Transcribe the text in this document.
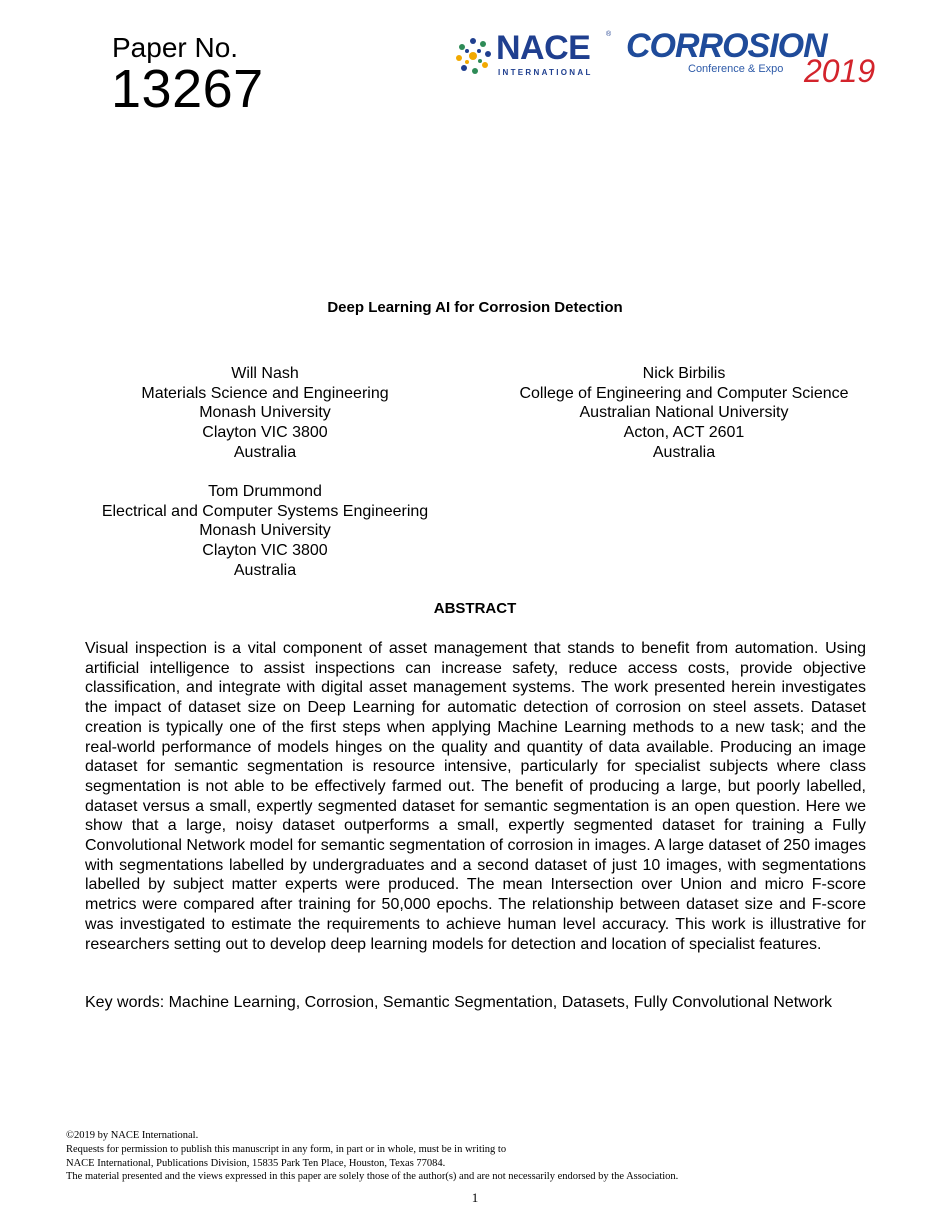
Paper No.
13267
NACE ®
INTERNATIONAL
CORROSION
Conference & Expo 2019
Deep Learning AI for Corrosion Detection
Will Nash
Materials Science and Engineering
Monash University
Clayton VIC 3800
Australia
Nick Birbilis
College of Engineering and Computer Science
Australian National University
Acton, ACT 2601
Australia
Tom Drummond
Electrical and Computer Systems Engineering
Monash University
Clayton VIC 3800
Australia
ABSTRACT
Visual inspection is a vital component of asset management that stands to benefit from automation. Using artificial intelligence to assist inspections can increase safety, reduce access costs, provide objective classification, and integrate with digital asset management systems. The work presented herein investigates the impact of dataset size on Deep Learning for automatic detection of corrosion on steel assets. Dataset creation is typically one of the first steps when applying Machine Learning methods to a new task; and the real-world performance of models hinges on the quality and quantity of data available. Producing an image dataset for semantic segmentation is resource intensive, particularly for specialist subjects where class segmentation is not able to be effectively farmed out. The benefit of producing a large, but poorly labelled, dataset versus a small, expertly segmented dataset for semantic segmentation is an open question. Here we show that a large, noisy dataset outperforms a small, expertly segmented dataset for training a Fully Convolutional Network model for semantic segmentation of corrosion in images. A large dataset of 250 images with segmentations labelled by undergraduates and a second dataset of just 10 images, with segmentations labelled by subject matter experts were produced. The mean Intersection over Union and micro F-score metrics were compared after training for 50,000 epochs. The relationship between dataset size and F-score was investigated to estimate the requirements to achieve human level accuracy. This work is illustrative for researchers setting out to develop deep learning models for detection and location of specialist features.
Key words: Machine Learning, Corrosion, Semantic Segmentation, Datasets, Fully Convolutional Network
©2019 by NACE International.
Requests for permission to publish this manuscript in any form, in part or in whole, must be in writing to
NACE International, Publications Division, 15835 Park Ten Place, Houston, Texas 77084.
The material presented and the views expressed in this paper are solely those of the author(s) and are not necessarily endorsed by the Association.
1
